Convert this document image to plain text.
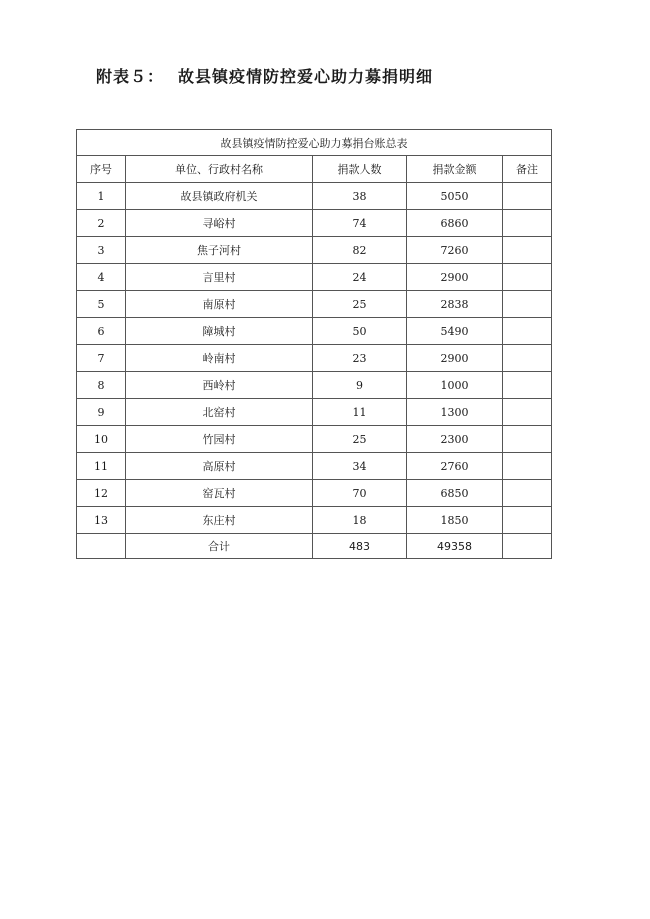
附表５： 故县镇疫情防控爱心助力募捐明细
故县镇疫情防控爱心助力募捐台账总表				
序号	单位、行政村名称	捐款人数	捐款金额	备注
1	故县镇政府机关	38	5050	
2	寻峪村	74	6860	
3	焦子河村	82	7260	
4	言里村	24	2900	
5	南原村	25	2838	
6	障城村	50	5490	
7	岭南村	23	2900	
8	西岭村	9	1000	
9	北窑村	11	1300	
10	竹园村	25	2300	
11	高原村	34	2760	
12	窑瓦村	70	6850	
13	东庄村	18	1850	
	合计	483	49358	
